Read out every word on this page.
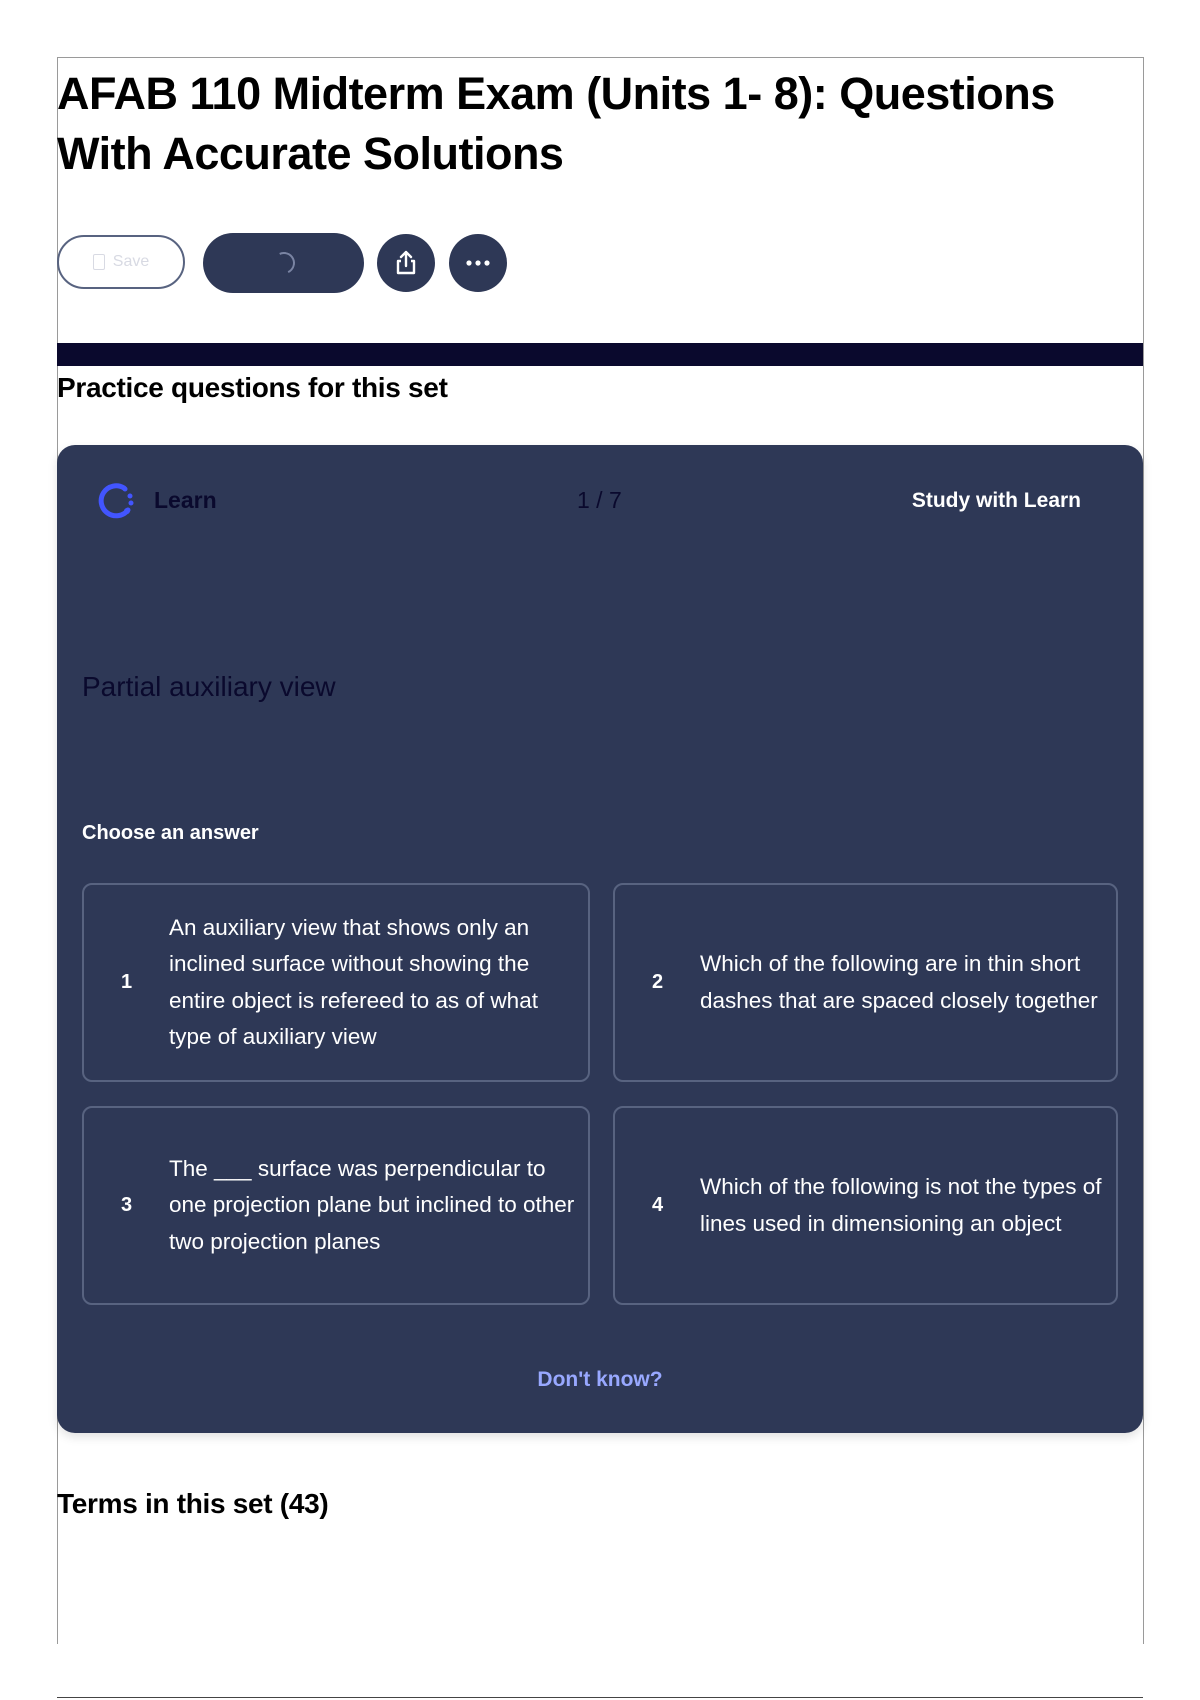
AFAB 110 Midterm Exam (Units 1- 8): Questions With Accurate Solutions
Save
Practice questions for this set
Learn	1 / 7	Study with Learn
Partial auxiliary view
Choose an answer
1
An auxiliary view that shows only an inclined surface without showing the entire object is refereed to as of what type of auxiliary view
2
Which of the following are in thin short dashes that are spaced closely together
3
The ___ surface was perpendicular to one projection plane but inclined to other two projection planes
4
Which of the following is not the types of lines used in dimensioning an object
Don't know?
Terms in this set (43)
